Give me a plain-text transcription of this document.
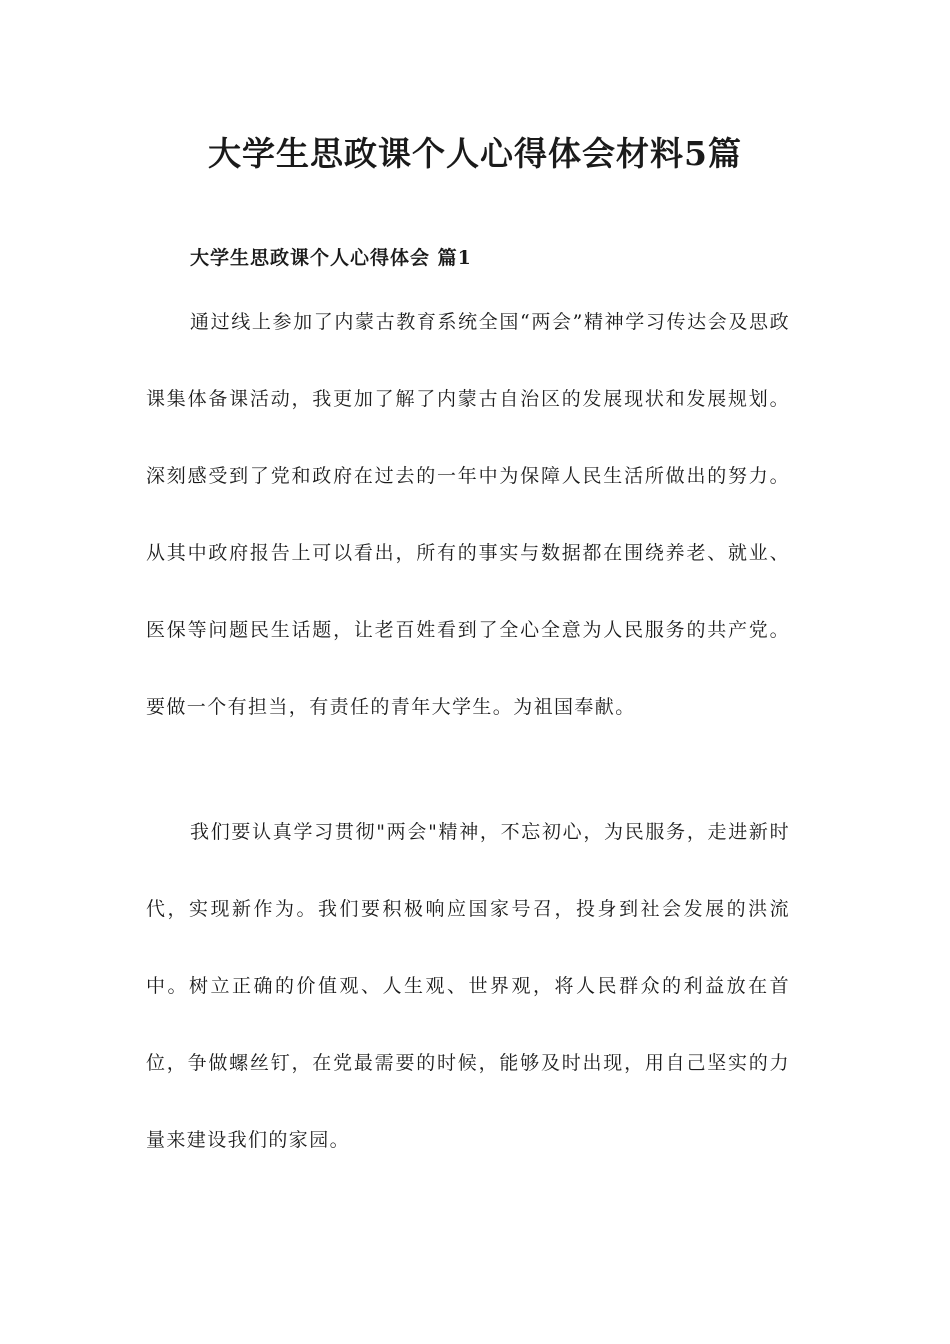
大学生思政课个人心得体会材料5篇
大学生思政课个人心得体会 篇1

通过线上参加了内蒙古教育系统全国“两会”精神学习传达会及思政课集体备课活动，我更加了解了内蒙古自治区的发展现状和发展规划。深刻感受到了党和政府在过去的一年中为保障人民生活所做出的努力。从其中政府报告上可以看出，所有的事实与数据都在围绕养老、就业、医保等问题民生话题，让老百姓看到了全心全意为人民服务的共产党。要做一个有担当，有责任的青年大学生。为祖国奉献。

我们要认真学习贯彻"两会"精神，不忘初心，为民服务，走进新时代，实现新作为。我们要积极响应国家号召，投身到社会发展的洪流中。树立正确的价值观、人生观、世界观，将人民群众的利益放在首位，争做螺丝钉，在党最需要的时候，能够及时出现，用自己坚实的力量来建设我们的家园。
